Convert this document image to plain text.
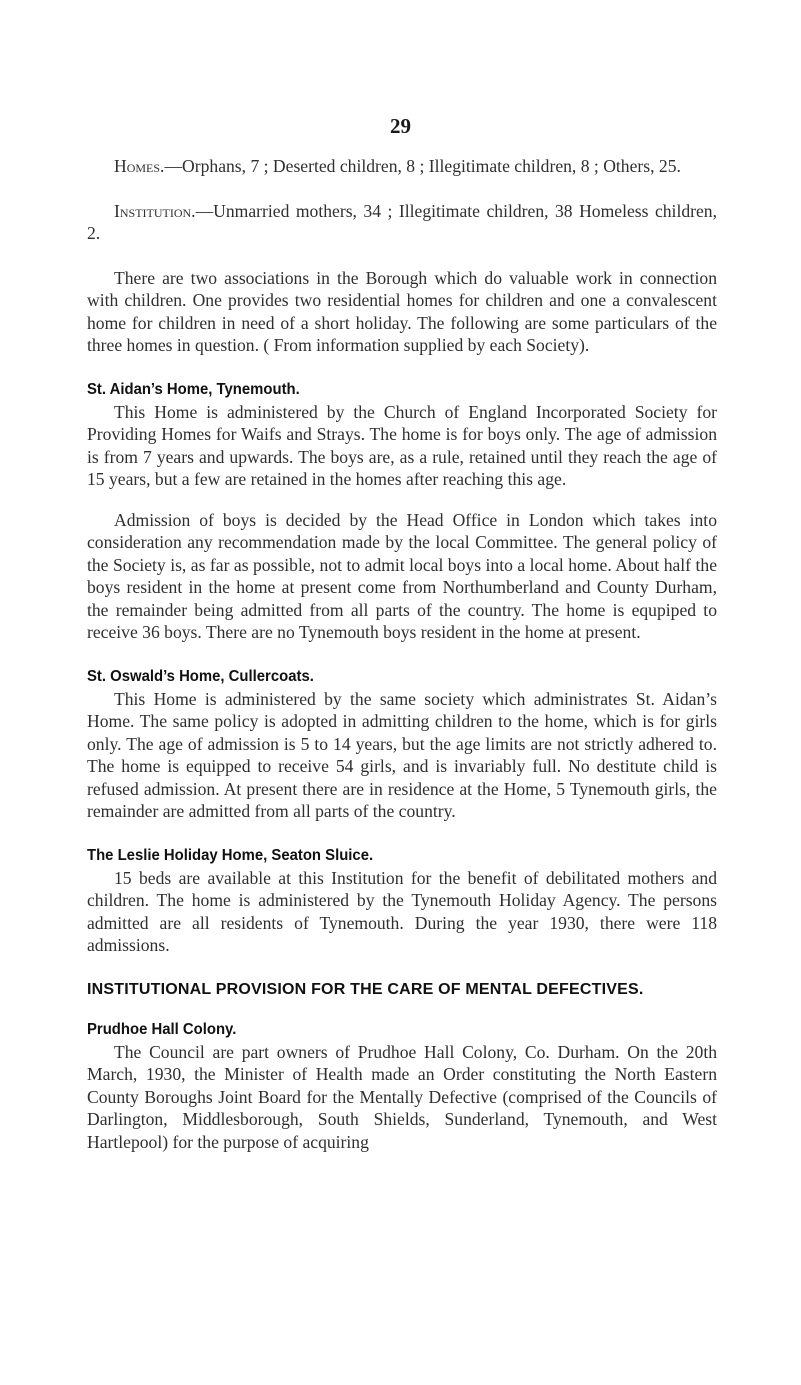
29

Homes.—Orphans, 7 ; Deserted children, 8 ; Illegitimate children, 8 ; Others, 25.

Institution.—Unmarried mothers, 34 ; Illegitimate children, 38 Homeless children, 2.

There are two associations in the Borough which do valuable work in connection with children. One provides two residential homes for children and one a convalescent home for children in need of a short holiday. The following are some particulars of the three homes in question. ( From information supplied by each Society).

St. Aidan’s Home, Tynemouth.

This Home is administered by the Church of England Incorporated Society for Providing Homes for Waifs and Strays. The home is for boys only. The age of admission is from 7 years and upwards. The boys are, as a rule, retained until they reach the age of 15 years, but a few are retained in the homes after reaching this age.

Admission of boys is decided by the Head Office in London which takes into consideration any recommendation made by the local Committee. The general policy of the Society is, as far as possible, not to admit local boys into a local home. About half the boys resident in the home at present come from Northumberland and County Durham, the remainder being admitted from all parts of the country. The home is equpiped to receive 36 boys. There are no Tynemouth boys resident in the home at present.

St. Oswald’s Home, Cullercoats.

This Home is administered by the same society which administrates St. Aidan’s Home. The same policy is adopted in admitting children to the home, which is for girls only. The age of admission is 5 to 14 years, but the age limits are not strictly adhered to. The home is equipped to receive 54 girls, and is invariably full. No destitute child is refused admission. At present there are in residence at the Home, 5 Tynemouth girls, the remainder are admitted from all parts of the country.

The Leslie Holiday Home, Seaton Sluice.

15 beds are available at this Institution for the benefit of debilitated mothers and children. The home is administered by the Tynemouth Holiday Agency. The persons admitted are all residents of Tynemouth. During the year 1930, there were 118 admissions.

INSTITUTIONAL PROVISION FOR THE CARE OF MENTAL DEFECTIVES.
Prudhoe Hall Colony.

The Council are part owners of Prudhoe Hall Colony, Co. Durham. On the 20th March, 1930, the Minister of Health made an Order constituting the North Eastern County Boroughs Joint Board for the Mentally Defective (comprised of the Councils of Darlington, Middlesborough, South Shields, Sunderland, Tynemouth, and West Hartlepool) for the purpose of acquiring
